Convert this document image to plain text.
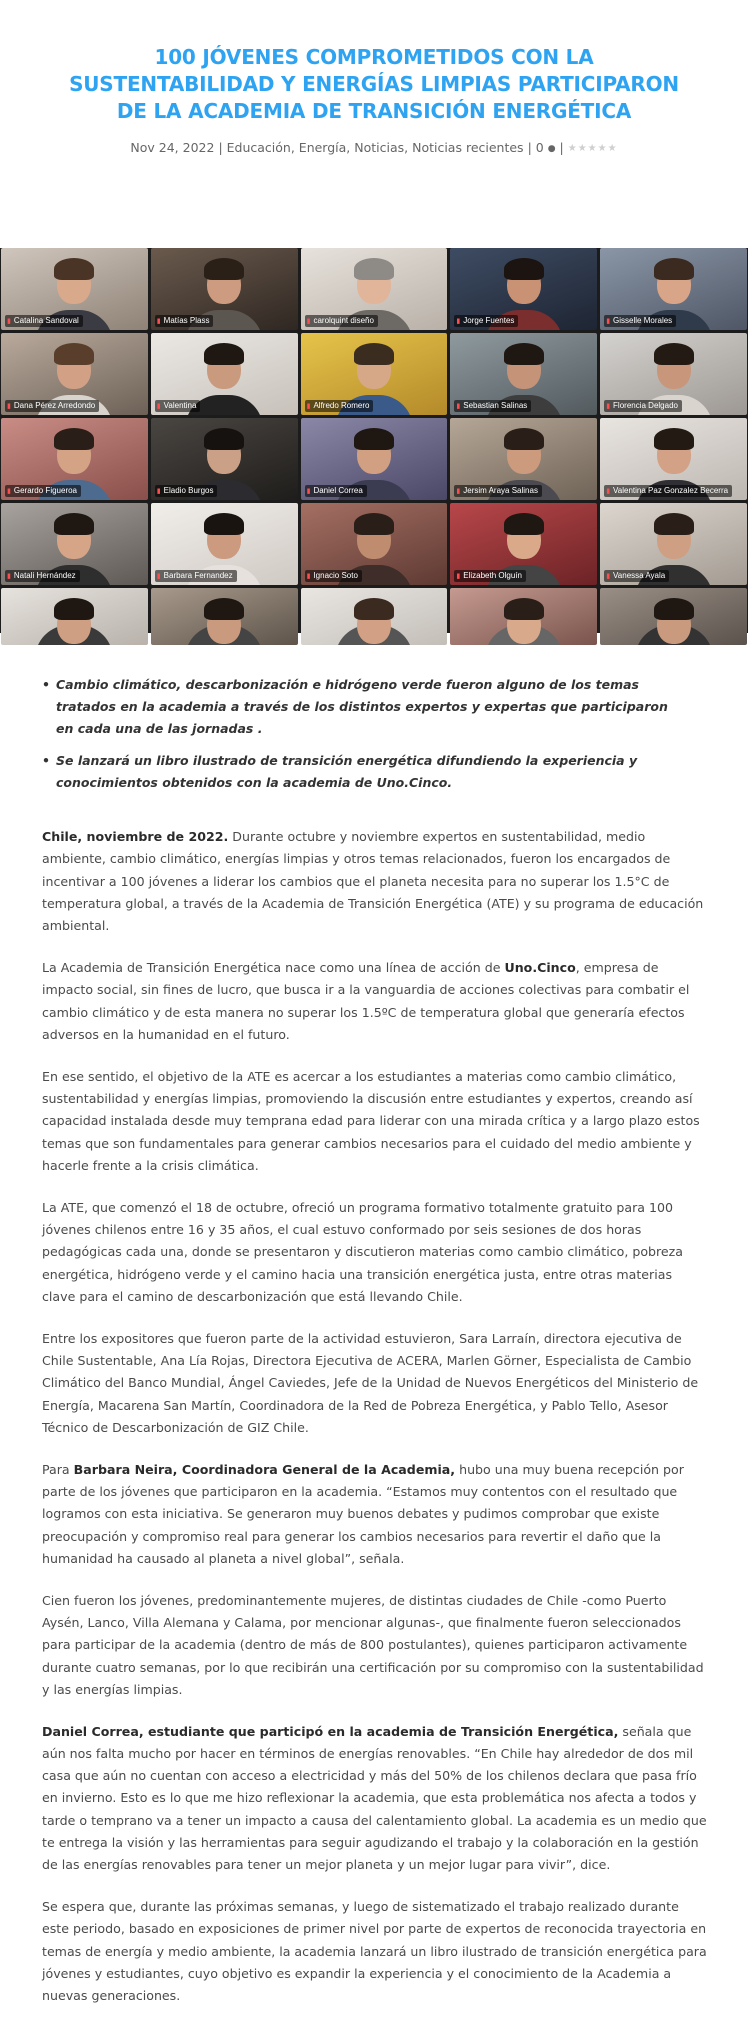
100 JÓVENES COMPROMETIDOS CON LA SUSTENTABILIDAD Y ENERGÍAS LIMPIAS PARTICIPARON DE LA ACADEMIA DE TRANSICIÓN ENERGÉTICA
Nov 24, 2022 | Educación, Energía, Noticias, Noticias recientes | 0 ● | ★★★★★
▮ Catalina Sandoval	▮ Matías Plass	▮ carolquint diseño	▮ Jorge Fuentes	▮ Gisselle Morales
▮ Dana Pérez Arredondo	▮ Valentina	▮ Alfredo Romero	▮ Sebastian Salinas	▮ Florencia Delgado
▮ Gerardo Figueroa	▮ Eladio Burgos	▮ Daniel Correa	▮ Jersim Araya Salinas	▮ Valentina Paz Gonzalez Becerra
▮ Natali Hernández	▮ Barbara Fernandez	▮ Ignacio Soto	▮ Elizabeth Olguín	▮ Vanessa Ayala
• Cambio climático, descarbonización e hidrógeno verde fueron alguno de los temas tratados en la academia a través de los distintos expertos y expertas que participaron en cada una de las jornadas .
• Se lanzará un libro ilustrado de transición energética difundiendo la experiencia y conocimientos obtenidos con la academia de Uno.Cinco.

Chile, noviembre de 2022. Durante octubre y noviembre expertos en sustentabilidad, medio ambiente, cambio climático, energías limpias y otros temas relacionados, fueron los encargados de incentivar a 100 jóvenes a liderar los cambios que el planeta necesita para no superar los 1.5°C de temperatura global, a través de la Academia de Transición Energética (ATE) y su programa de educación ambiental.

La Academia de Transición Energética nace como una línea de acción de Uno.Cinco, empresa de impacto social, sin fines de lucro, que busca ir a la vanguardia de acciones colectivas para combatir el cambio climático y de esta manera no superar los 1.5ºC de temperatura global que generaría efectos adversos en la humanidad en el futuro.

En ese sentido, el objetivo de la ATE es acercar a los estudiantes a materias como cambio climático, sustentabilidad y energías limpias, promoviendo la discusión entre estudiantes y expertos, creando así capacidad instalada desde muy temprana edad para liderar con una mirada crítica y a largo plazo estos temas que son fundamentales para generar cambios necesarios para el cuidado del medio ambiente y hacerle frente a la crisis climática.

La ATE, que comenzó el 18 de octubre, ofreció un programa formativo totalmente gratuito para 100 jóvenes chilenos entre 16 y 35 años, el cual estuvo conformado por seis sesiones de dos horas pedagógicas cada una, donde se presentaron y discutieron materias como cambio climático, pobreza energética, hidrógeno verde y el camino hacia una transición energética justa, entre otras materias clave para el camino de descarbonización que está llevando Chile.

Entre los expositores que fueron parte de la actividad estuvieron, Sara Larraín, directora ejecutiva de Chile Sustentable, Ana Lía Rojas, Directora Ejecutiva de ACERA, Marlen Görner, Especialista de Cambio Climático del Banco Mundial, Ángel Caviedes, Jefe de la Unidad de Nuevos Energéticos del Ministerio de Energía, Macarena San Martín, Coordinadora de la Red de Pobreza Energética, y Pablo Tello, Asesor Técnico de Descarbonización de GIZ Chile.

Para Barbara Neira, Coordinadora General de la Academia, hubo una muy buena recepción por parte de los jóvenes que participaron en la academia. “Estamos muy contentos con el resultado que logramos con esta iniciativa. Se generaron muy buenos debates y pudimos comprobar que existe preocupación y compromiso real para generar los cambios necesarios para revertir el daño que la humanidad ha causado al planeta a nivel global”, señala.

Cien fueron los jóvenes, predominantemente mujeres, de distintas ciudades de Chile -como Puerto Aysén, Lanco, Villa Alemana y Calama, por mencionar algunas-, que finalmente fueron seleccionados para participar de la academia (dentro de más de 800 postulantes), quienes participaron activamente durante cuatro semanas, por lo que recibirán una certificación por su compromiso con la sustentabilidad y las energías limpias.

Daniel Correa, estudiante que participó en la academia de Transición Energética, señala que aún nos falta mucho por hacer en términos de energías renovables. “En Chile hay alrededor de dos mil casa que aún no cuentan con acceso a electricidad y más del 50% de los chilenos declara que pasa frío en invierno. Esto es lo que me hizo reflexionar la academia, que esta problemática nos afecta a todos y tarde o temprano va a tener un impacto a causa del calentamiento global. La academia es un medio que te entrega la visión y las herramientas para seguir agudizando el trabajo y la colaboración en la gestión de las energías renovables para tener un mejor planeta y un mejor lugar para vivir”, dice.

Se espera que, durante las próximas semanas, y luego de sistematizado el trabajo realizado durante este periodo, basado en exposiciones de primer nivel por parte de expertos de reconocida trayectoria en temas de energía y medio ambiente, la academia lanzará un libro ilustrado de transición energética para jóvenes y estudiantes, cuyo objetivo es expandir la experiencia y el conocimiento de la Academia a nuevas generaciones.
